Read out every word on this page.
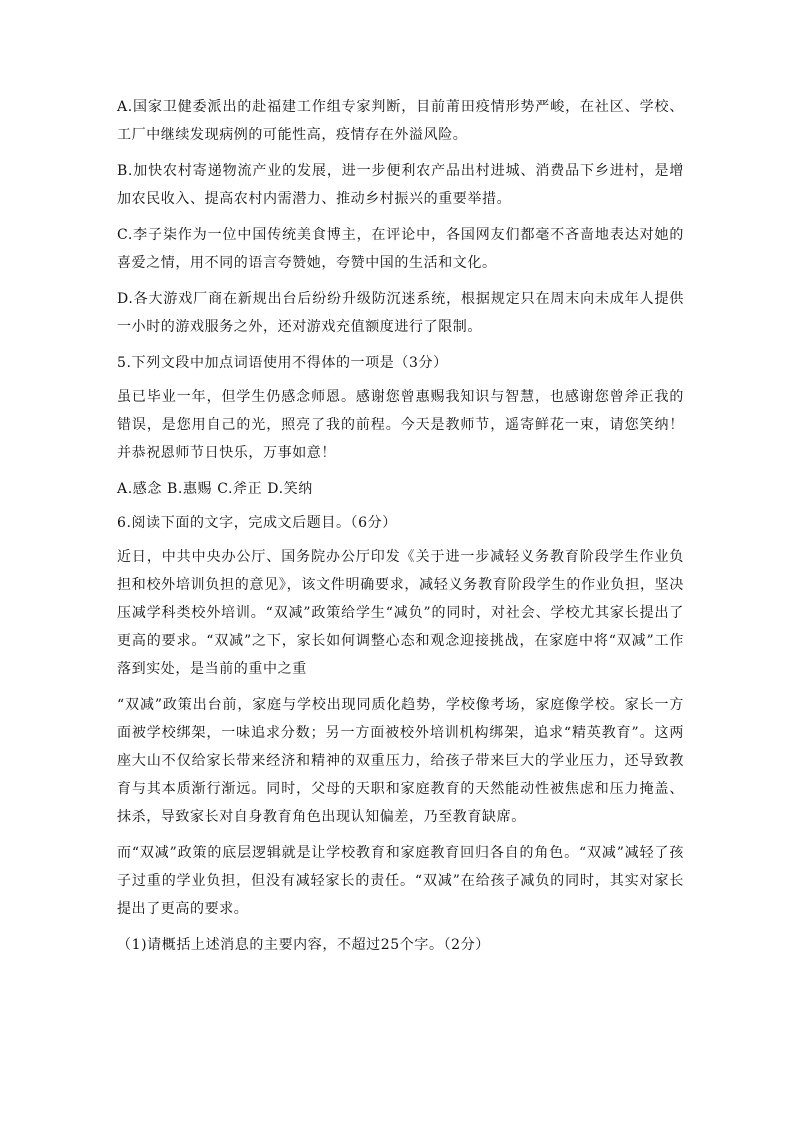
A.国家卫健委派出的赴福建工作组专家判断，目前莆田疫情形势严峻，在社区、学校、工厂中继续发现病例的可能性高，疫情存在外溢风险。

B.加快农村寄递物流产业的发展，进一步便利农产品出村进城、消费品下乡进村，是增加农民收入、提高农村内需潜力、推动乡村振兴的重要举措。

C.李子柒作为一位中国传统美食博主，在评论中，各国网友们都毫不吝啬地表达对她的喜爱之情，用不同的语言夸赞她，夸赞中国的生活和文化。

D.各大游戏厂商在新规出台后纷纷升级防沉迷系统，根据规定只在周末向未成年人提供一小时的游戏服务之外，还对游戏充值额度进行了限制。

5.下列文段中加点词语使用不得体的一项是（3分）

虽已毕业一年，但学生仍感念师恩。感谢您曾惠赐我知识与智慧，也感谢您曾斧正我的错误，是您用自己的光，照亮了我的前程。今天是教师节，遥寄鲜花一束，请您笑纳！并恭祝恩师节日快乐，万事如意！

A.感念 B.惠赐 C.斧正 D.笑纳

6.阅读下面的文字，完成文后题目。（6分）

近日，中共中央办公厅、国务院办公厅印发《关于进一步减轻义务教育阶段学生作业负担和校外培训负担的意见》，该文件明确要求，减轻义务教育阶段学生的作业负担，坚决压减学科类校外培训。“双减”政策给学生“减负”的同时，对社会、学校尤其家长提出了更高的要求。“双减”之下，家长如何调整心态和观念迎接挑战，在家庭中将“双减”工作落到实处，是当前的重中之重

“双减”政策出台前，家庭与学校出现同质化趋势，学校像考场，家庭像学校。家长一方面被学校绑架，一味追求分数；另一方面被校外培训机构绑架，追求“精英教育”。这两座大山不仅给家长带来经济和精神的双重压力，给孩子带来巨大的学业压力，还导致教育与其本质渐行渐远。同时，父母的天职和家庭教育的天然能动性被焦虑和压力掩盖、抹杀，导致家长对自身教育角色出现认知偏差，乃至教育缺席。

而“双减”政策的底层逻辑就是让学校教育和家庭教育回归各自的角色。“双减”减轻了孩子过重的学业负担，但没有减轻家长的责任。“双减”在给孩子减负的同时，其实对家长提出了更高的要求。

（1)请概括上述消息的主要内容，不超过25个字。（2分）
